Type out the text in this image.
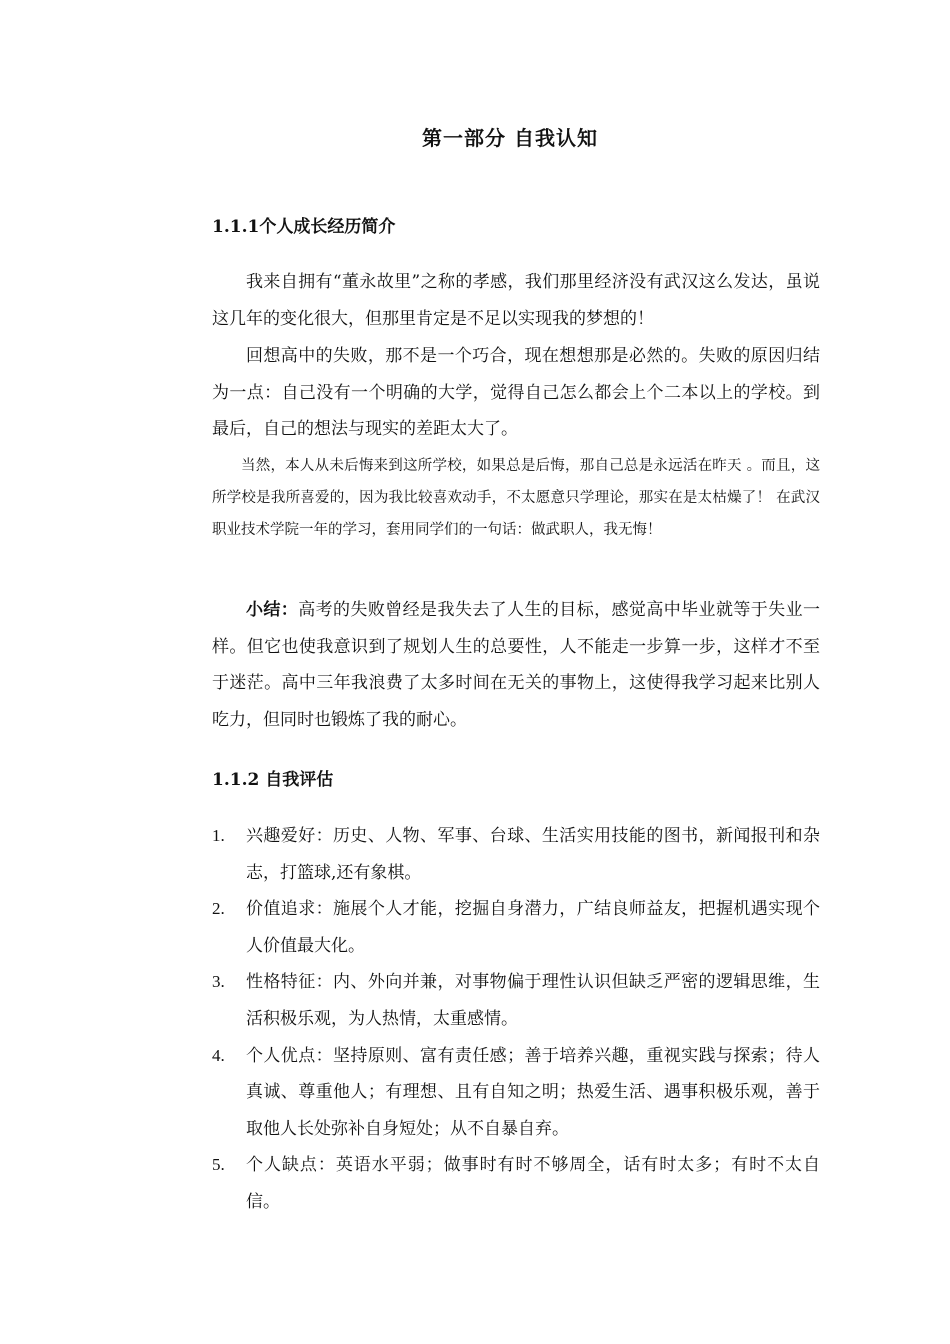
第一部分 自我认知
1.1.1个人成长经历简介

我来自拥有“董永故里”之称的孝感，我们那里经济没有武汉这么发达，虽说这几年的变化很大，但那里肯定是不足以实现我的梦想的！

回想高中的失败，那不是一个巧合，现在想想那是必然的。失败的原因归结为一点：自己没有一个明确的大学，觉得自己怎么都会上个二本以上的学校。到最后，自己的想法与现实的差距太大了。

当然，本人从未后悔来到这所学校，如果总是后悔，那自己总是永远活在昨天 。而且，这所学校是我所喜爱的，因为我比较喜欢动手，不太愿意只学理论，那实在是太枯燥了！ 在武汉职业技术学院一年的学习，套用同学们的一句话：做武职人，我无悔！

小结：高考的失败曾经是我失去了人生的目标，感觉高中毕业就等于失业一样。但它也使我意识到了规划人生的总要性，人不能走一步算一步，这样才不至于迷茫。高中三年我浪费了太多时间在无关的事物上，这使得我学习起来比别人吃力，但同时也锻炼了我的耐心。

1.1.2 自我评估
1. 兴趣爱好：历史、人物、军事、台球、生活实用技能的图书，新闻报刊和杂志，打篮球,还有象棋。
2. 价值追求：施展个人才能，挖掘自身潜力，广结良师益友，把握机遇实现个人价值最大化。
3. 性格特征：内、外向并兼，对事物偏于理性认识但缺乏严密的逻辑思维，生活积极乐观，为人热情，太重感情。
4. 个人优点：坚持原则、富有责任感；善于培养兴趣，重视实践与探索；待人真诚、尊重他人；有理想、且有自知之明；热爱生活、遇事积极乐观，善于取他人长处弥补自身短处；从不自暴自弃。
5. 个人缺点：英语水平弱；做事时有时不够周全，话有时太多；有时不太自信。
